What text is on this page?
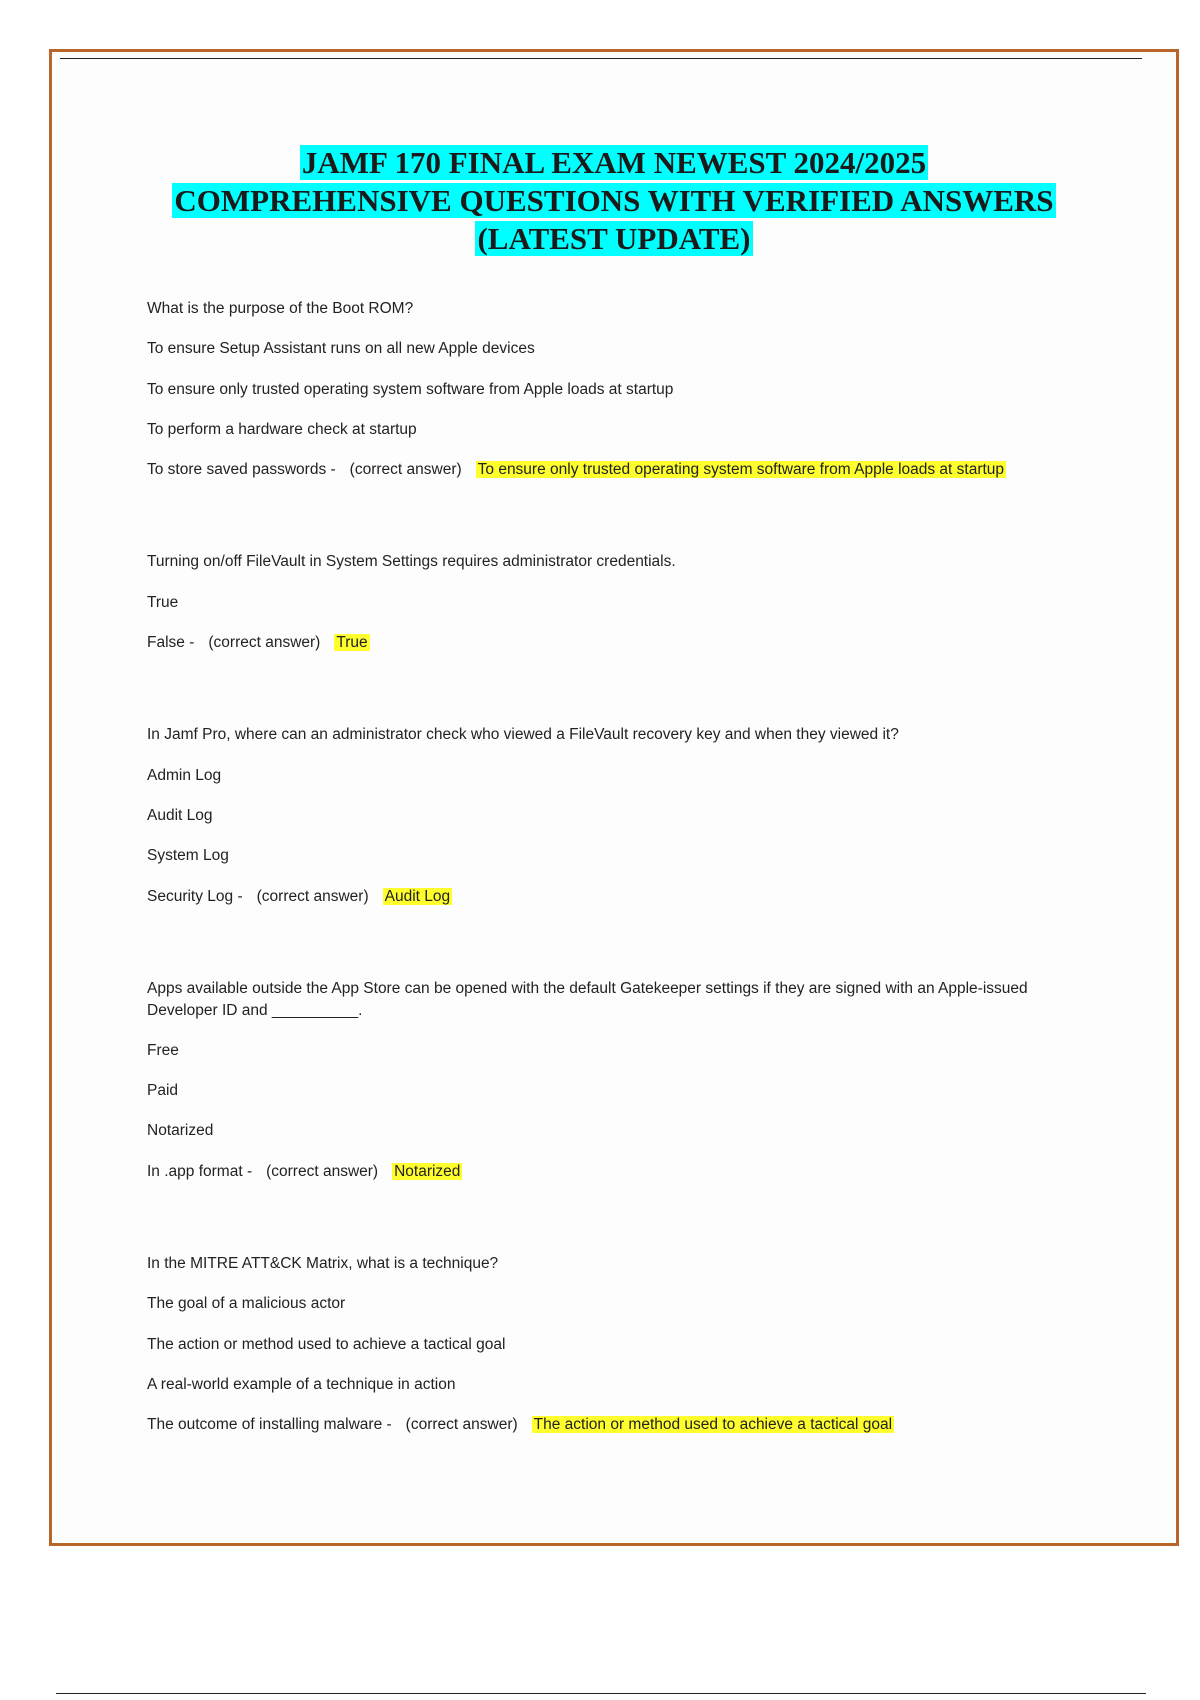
JAMF 170 FINAL EXAM NEWEST 2024/2025
COMPREHENSIVE QUESTIONS WITH VERIFIED ANSWERS
(LATEST UPDATE)
What is the purpose of the Boot ROM?
To ensure Setup Assistant runs on all new Apple devices
To ensure only trusted operating system software from Apple loads at startup
To perform a hardware check at startup
To store saved passwords - (correct answer) To ensure only trusted operating system software from Apple loads at startup
Turning on/off FileVault in System Settings requires administrator credentials.
True
False - (correct answer) True
In Jamf Pro, where can an administrator check who viewed a FileVault recovery key and when they viewed it?
Admin Log
Audit Log
System Log
Security Log - (correct answer) Audit Log
Apps available outside the App Store can be opened with the default Gatekeeper settings if they are signed with an Apple-issued Developer ID and __________.
Free
Paid
Notarized
In .app format - (correct answer) Notarized
In the MITRE ATT&CK Matrix, what is a technique?
The goal of a malicious actor
The action or method used to achieve a tactical goal
A real-world example of a technique in action
The outcome of installing malware - (correct answer) The action or method used to achieve a tactical goal
